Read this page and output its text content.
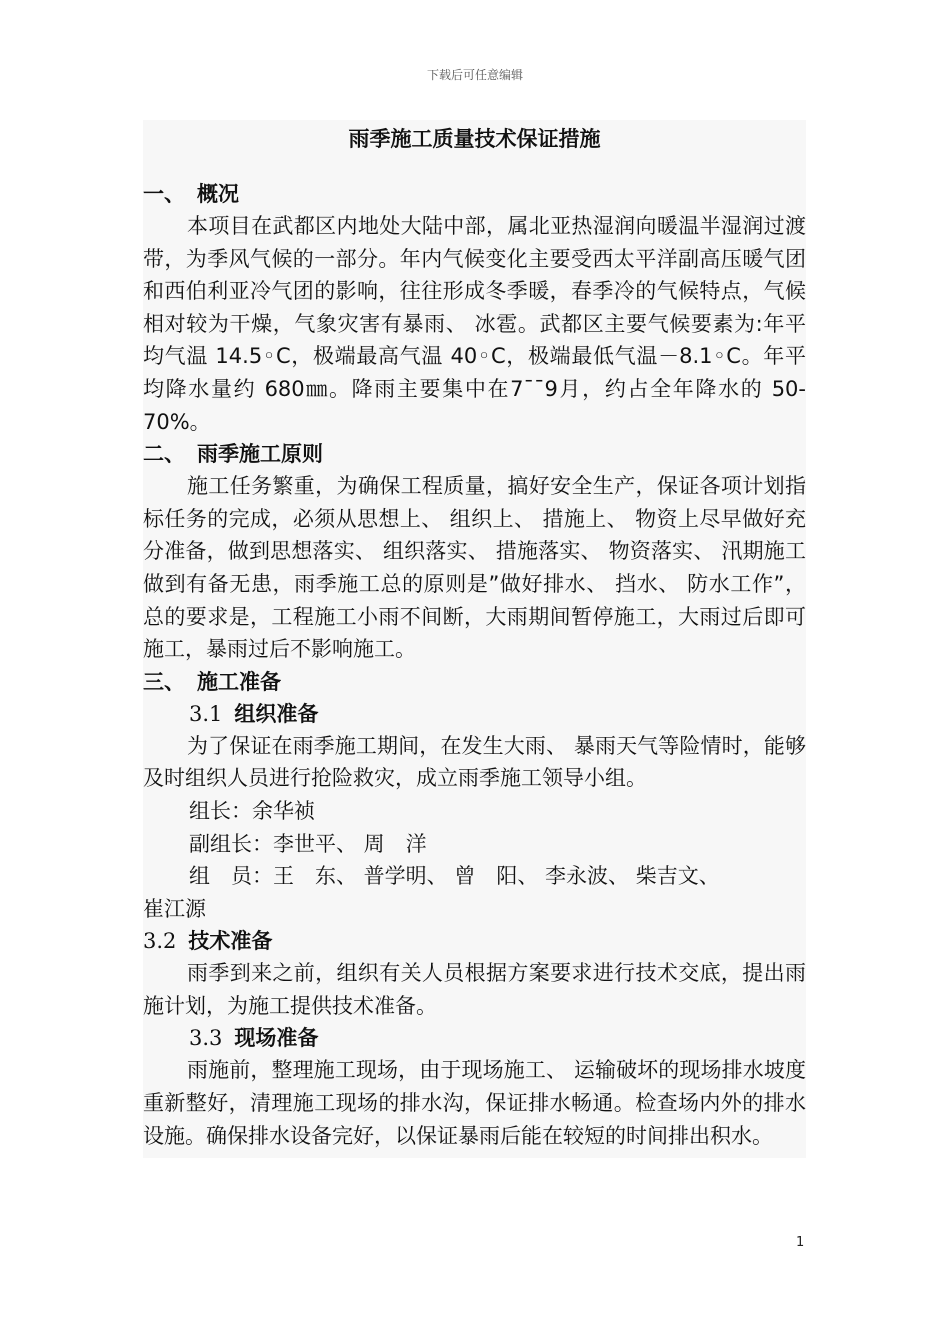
下载后可任意编辑
雨季施工质量技术保证措施
一、 概况
本项目在武都区内地处大陆中部，属北亚热湿润向暖温半湿润过渡带，为季风气候的一部分。年内气候变化主要受西太平洋副高压暖气团和西伯利亚冷气团的影响，往往形成冬季暖，春季冷的气候特点，气候相对较为干燥，气象灾害有暴雨、 冰雹。武都区主要气候要素为:年平均气温 14.5◦C，极端最高气温 40◦C，极端最低气温－8.1◦C。年平均降水量约 680㎜。降雨主要集中在7¯¯9月，约占全年降水的 50-70%。
二、 雨季施工原则
施工任务繁重，为确保工程质量，搞好安全生产，保证各项计划指标任务的完成，必须从思想上、 组织上、 措施上、 物资上尽早做好充分准备，做到思想落实、 组织落实、 措施落实、 物资落实、 汛期施工做到有备无患，雨季施工总的原则是”做好排水、 挡水、 防水工作”，总的要求是，工程施工小雨不间断，大雨期间暂停施工，大雨过后即可施工，暴雨过后不影响施工。
三、 施工准备
3.1 组织准备
为了保证在雨季施工期间，在发生大雨、 暴雨天气等险情时，能够及时组织人员进行抢险救灾，成立雨季施工领导小组。
组长：余华祯
副组长：李世平、 周　洋
组　员：王　东、 普学明、 曾　阳、 李永波、 柴吉文、
崔江源
3.2 技术准备
雨季到来之前，组织有关人员根据方案要求进行技术交底，提出雨施计划，为施工提供技术准备。
3.3 现场准备
雨施前，整理施工现场，由于现场施工、 运输破坏的现场排水坡度重新整好，清理施工现场的排水沟，保证排水畅通。检查场内外的排水设施。确保排水设备完好，以保证暴雨后能在较短的时间排出积水。
1
